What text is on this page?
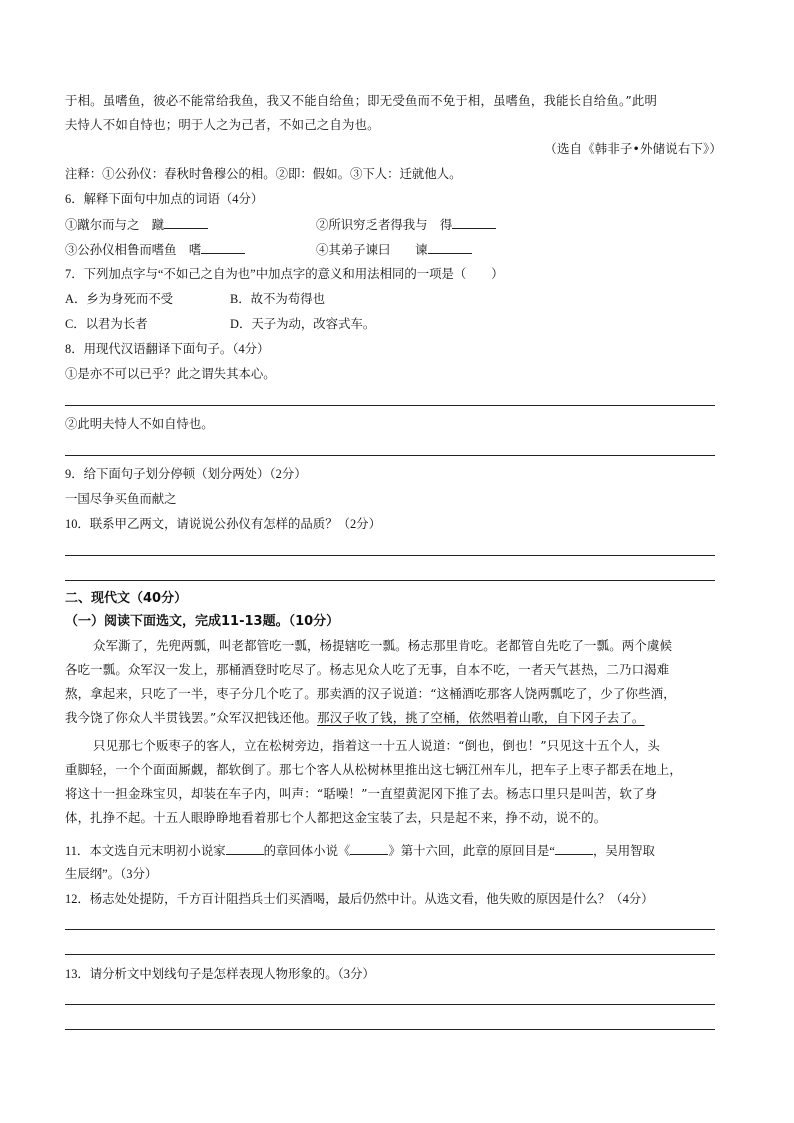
于相。虽嗜鱼，彼必不能常给我鱼，我又不能自给鱼；即无受鱼而不免于相，虽嗜鱼，我能长自给鱼。”此明
夫恃人不如自恃也；明于人之为己者，不如己之自为也。
（选自《韩非子•外储说右下》）
注释：①公孙仪：春秋时鲁穆公的相。②即：假如。③下人：迁就他人。
6．解释下面句中加点的词语（4分）
①蹴尔而与之　蹴	②所识穷乏者得我与　得
③公孙仪相鲁而嗜鱼　嗜	④其弟子谏曰　　谏
7．下列加点字与“不如己之自为也”中加点字的意义和用法相同的一项是（　　）
A．乡为身死而不受	B．故不为苟得也
C．以君为长者	D．天子为动，改容式车。
8．用现代汉语翻译下面句子。（4分）
①是亦不可以已乎？此之谓失其本心。
②此明夫恃人不如自恃也。
9．给下面句子划分停顿（划分两处）（2分）
一国尽争买鱼而献之
10．联系甲乙两文，请说说公孙仪有怎样的品质？（2分）
二、现代文（40分）
（一）阅读下面选文，完成11-13题。（10分）
众军澌了，先兜两瓢，叫老都管吃一瓢，杨提辖吃一瓢。杨志那里肯吃。老都管自先吃了一瓢。两个虞候
各吃一瓢。众军汉一发上，那桶酒登时吃尽了。杨志见众人吃了无事，自本不吃，一者天气甚热，二乃口渴难
熬，拿起来，只吃了一半，枣子分几个吃了。那卖酒的汉子说道：“这桶酒吃那客人饶两瓢吃了，少了你些酒，
我今饶了你众人半贯钱罢。”众军汉把钱还他。那汉子收了钱，挑了空桶，依然唱着山歌，自下冈子去了。
只见那七个贩枣子的客人，立在松树旁边，指着这一十五人说道：“倒也，倒也！”只见这十五个人，头
重脚轻，一个个面面厮觑，都软倒了。那七个客人从松树林里推出这七辆江州车儿，把车子上枣子都丢在地上，
将这十一担金珠宝贝，却装在车子内，叫声：“聒噪！”一直望黄泥冈下推了去。杨志口里只是叫苦，软了身
体，扎挣不起。十五人眼睁睁地看着那七个人都把这金宝装了去，只是起不来，挣不动，说不的。
11．本文选自元末明初小说家	的章回体小说《	》第十六回，此章的原回目是“	，吴用智取
生辰纲”。（3分）
12．杨志处处提防，千方百计阻挡兵士们买酒喝，最后仍然中计。从选文看，他失败的原因是什么？（4分）
13．请分析文中划线句子是怎样表现人物形象的。（3分）
